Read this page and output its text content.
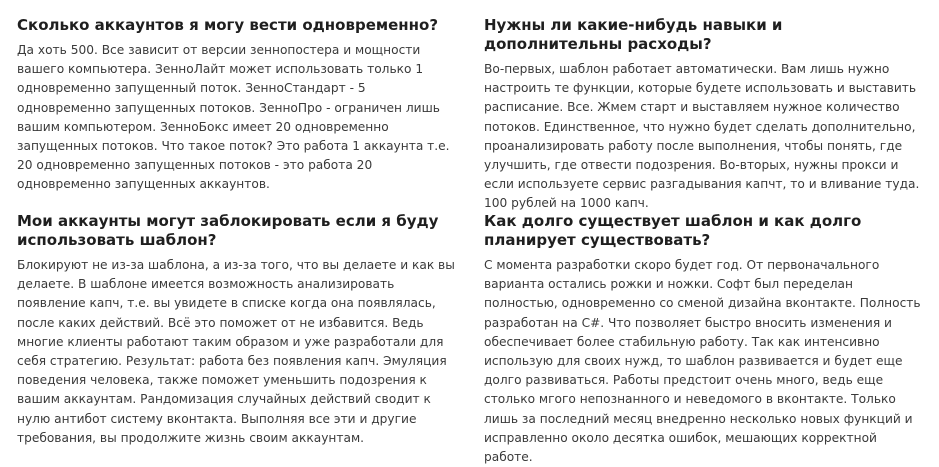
Сколько аккаунтов я могу вести одновременно?

Да хоть 500. Все зависит от версии зеннопостера и мощности вашего компьютера. ЗенноЛайт может использовать только 1 одновременно запущенный поток. ЗенноСтандарт - 5 одновременно запущенных потоков. ЗенноПро - ограничен лишь вашим компьютером. ЗенноБокс имеет 20 одновременно запущенных потоков. Что такое поток? Это работа 1 аккаунта т.е. 20 одновременно запущенных потоков - это работа 20 одновременно запущенных аккаунтов.

Нужны ли какие-нибудь навыки и дополнительны расходы?

Во-первых, шаблон работает автоматически. Вам лишь нужно настроить те функции, которые будете использовать и выставить расписание. Все. Жмем старт и выставляем нужное количество потоков. Единственное, что нужно будет сделать дополнительно, проанализировать работу после выполнения, чтобы понять, где улучшить, где отвести подозрения. Во-вторых, нужны прокси и если используете сервис разгадывания капчт, то и вливание туда. 100 рублей на 1000 капч.

Мои аккаунты могут заблокировать если я буду использовать шаблон?

Блокируют не из-за шаблона, а из-за того, что вы делаете и как вы делаете. В шаблоне имеется возможность анализировать появление капч, т.е. вы увидете в списке когда она появлялась, после каких действий. Всё это поможет от не избавится. Ведь многие клиенты работают таким образом и уже разработали для себя стратегию. Результат: работа без появления капч. Эмуляция поведения человека, также поможет уменьшить подозрения к вашим аккаунтам. Рандомизация случайных действий сводит к нулю антибот систему вконтакта. Выполняя все эти и другие требования, вы продолжите жизнь своим аккаунтам.

Как долго существует шаблон и как долго планирует существовать?

С момента разработки скоро будет год. От первоначального варианта остались рожки и ножки. Софт был переделан полностью, одновременно со сменой дизайна вконтакте. Полность разработан на C#. Что позволяет быстро вносить изменения и обеспечивает более стабильную работу. Так как интенсивно использую для своих нужд, то шаблон развивается и будет еще долго развиваться. Работы предстоит очень много, ведь еще столько мгого непознанного и неведомого в вконтакте. Только лишь за последний месяц внедренно несколько новых функций и исправленно около десятка ошибок, мешающих корректной работе.
